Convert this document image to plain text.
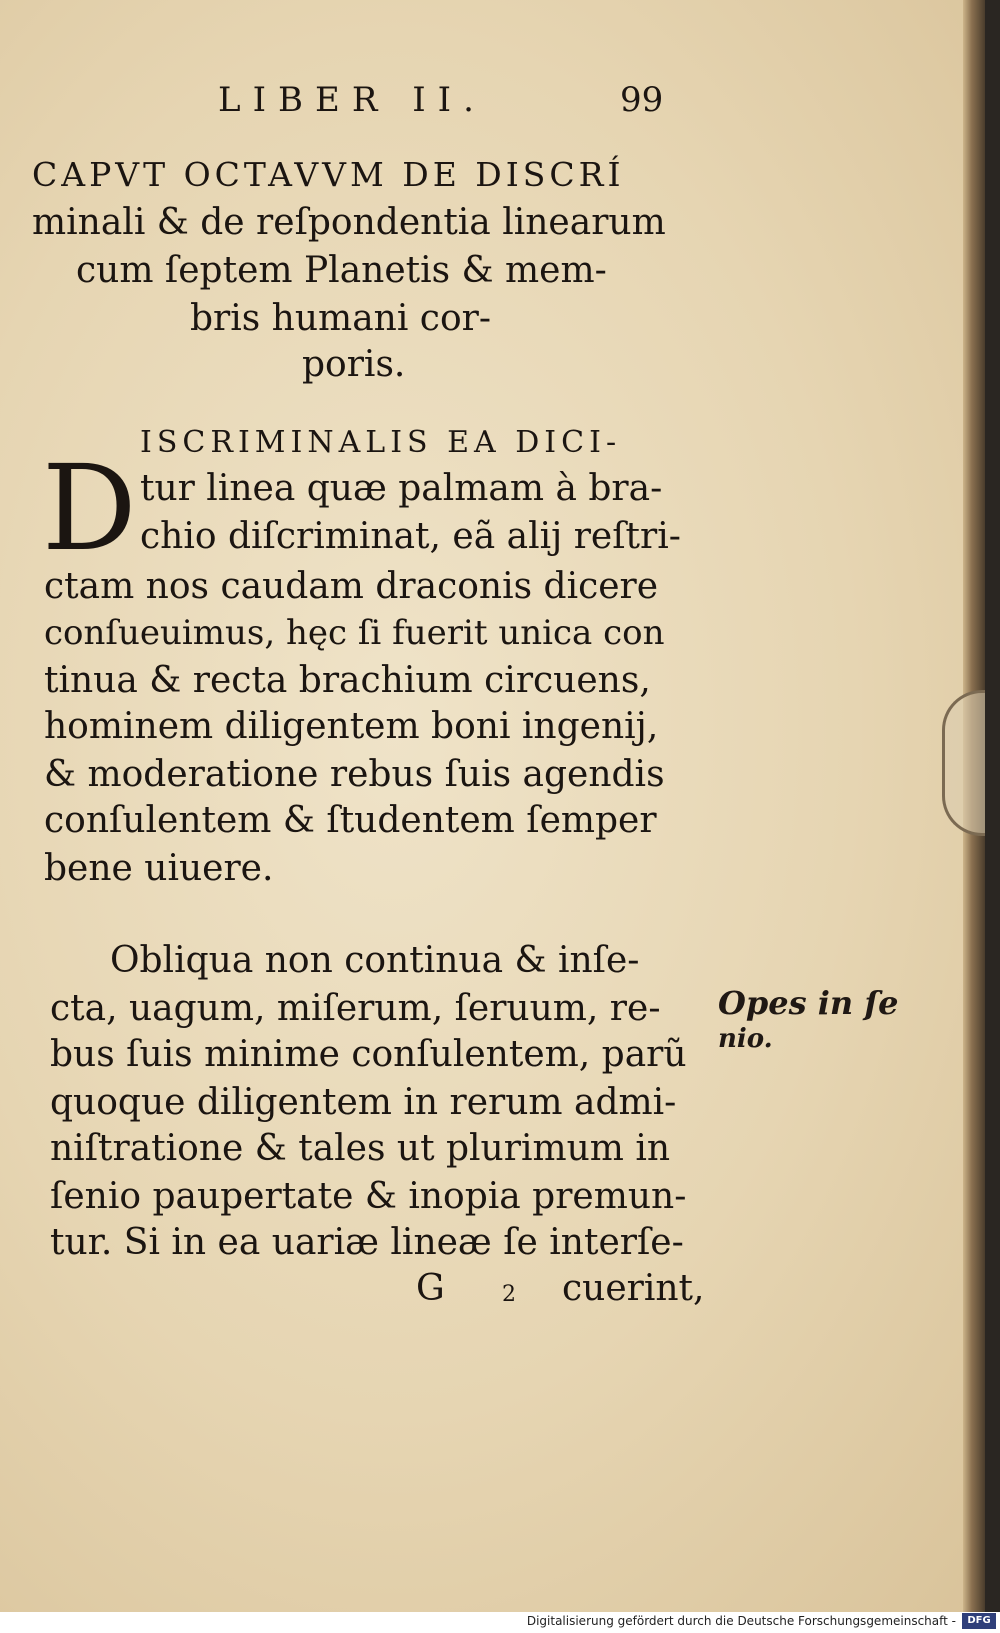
LIBER II.	99
CAPVT OCTAVVM DE DISCRÍ
minali & de reſpondentia linearum
cum ſeptem Planetis & mem-
bris humani cor-
poris.
D ISCRIMINALIS EA DICI-
tur linea quæ palmam à bra-
chio diſcriminat, eã alij reſtri-
ctam nos caudam draconis dicere
conſueuimus, hęc ſi fuerit unica con
tinua & recta brachium circuens,
hominem diligentem boni ingenij,
& moderatione rebus ſuis agendis
conſulentem & ſtudentem ſemper
bene uiuere.
Obliqua non continua & inſe-
cta, uagum, miſerum, ſeruum, re-
bus ſuis minime conſulentem, parũ
quoque diligentem in rerum admi-
niſtratione & tales ut plurimum in
ſenio paupertate & inopia premun-
tur. Si in ea uariæ lineæ ſe interſe-
G	2 cuerint,
Opes in ſe
nio.
Digitalisierung gefördert durch die Deutsche Forschungsgemeinschaft -	DFG
